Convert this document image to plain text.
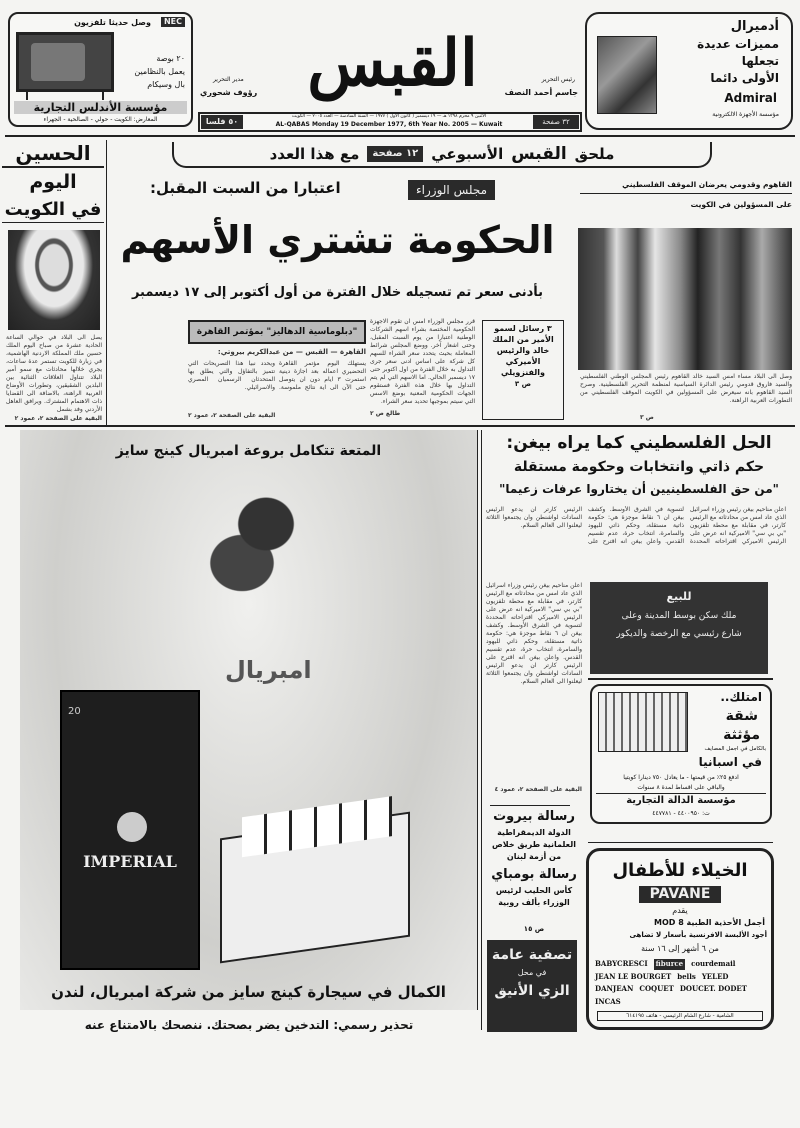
وصل حديثا تلفزيون	NEC
٢٠ بوصة
يعمل بالنظامين
بال وسيكام
مؤسسة الأندلس التجارية
المعارض: الكويت - حولي - الصالحية - الجهراء
القبس	رئيس التحرير
جاسم أحمد النصف
مدير التحرير
رؤوف شحوري
٣٢ صفحة
الاثنين ٩ محرم ١٣٩٨ هـ — ١٩ ديسمبر ( كانون الاول ) ١٩٧٧ — السنة السادسة — العدد ٢٠٠٥ — الكويت
AL-QABAS Monday 19 December 1977, 6th Year No. 2005 — Kuwait
٥٠ فلسا
أدميرال
مميزات عديدة
تجعلها
الأولى دائما
Admiral
مؤسسة الأجهزة الالكترونية
ملحق
القبس
الأسبوعي
١٢ صفحة
مع هذا العدد
الحسين
اليوم
في الكويت
يصل الى البلاد في حوالي الساعة الحادية عشرة من صباح اليوم الملك حسين ملك المملكة الاردنية الهاشمية، في زيارة للكويت تستمر عدة ساعات، يجري خلالها محادثات مع سمو أمير البلاد تتناول العلاقات الثنائية بين البلدين الشقيقين، وتطورات الأوضاع العربية الراهنة، بالاضافة الى القضايا ذات الاهتمام المشترك. ويرافق العاهل الأردني وفد بشمل
البقية على الصفحة ٢، عمود ٢
مجلس الوزراء
اعتبارا من السبت المقبل:
الحكومة تشتري الأسهم
بأدنى سعر تم تسجيله خلال الفترة من أول أكتوبر إلى ١٧ ديسمبر
قرر مجلس الوزراء امس ان تقوم الاجهزة الحكومية المختصة بشراء اسهم الشركات الوطنية اعتبارا من يوم السبت المقبل، وحتى اشعار آخر. ووضع المجلس شرائط المعاملة بحيث يتحدد سعر الشراء للسهم كل شركة على اساس ادنى سعر جرى التداول به خلال الفترة من اول اكتوبر حتى ١٧ ديسمبر الحالي. اما الاسهم التي لم يتم التداول بها خلال هذه الفترة فستقوم الجهات الحكومية المعنية بوضع الاسس التي سيتم بموجبها تحديد سعر الشراء.
طالع ص ٢
"دبلوماسية الدهاليز" بمؤتمر القاهرة
القاهرة — القبس — من عبدالكريم بيروتي:
يستهلك اليوم مؤتمر القاهرة التحضيري اعماله بعد اجازة دينية استمرت ٣ ايام دون ان يتوصل حتى الآن الى اية نتائج ملموسة. ويحدد نبيا هذا التصريحات التي تتميز بالتفاؤل والتي يطلق بها المتحدثان الرسميان المصري والاسرائيلي.
البقية على الصفحة ٢، عمود ٢
٣ رسائل لسمو الأمير من الملك خالد والرئيس الأميركي والفنزويلي
ص ٣
القاهوم وقدومي يعرضان الموقف الفلسطيني
على المسؤولين في الكويت
وصل الى البلاد مساء امس السيد خالد القاهوم رئيس المجلس الوطني الفلسطيني والسيد فاروق قدومي رئيس الدائرة السياسية لمنظمة التحرير الفلسطينية. وصرح السيد القاهوم بانه سيعرض على المسؤولين في الكويت الموقف الفلسطيني من التطورات العربية الراهنة.
ص ٣
المتعة تتكامل بروعة امبريال كينج سايز
امبريال
20
IMPERIAL
الكمال في سيجارة كينج سايز من شركة امبريال، لندن
تحذير رسمي: التدخين يضر بصحتك. ننصحك بالامتناع عنه
الحل الفلسطيني كما يراه بيغن:
حكم ذاتي وانتخابات وحكومة مستقلة
"من حق الفلسطينيين أن يختاروا عرفات زعيما"
اعلن مناحيم بيغن رئيس وزراء اسرائيل الذي عاد امس من محادثاته مع الرئيس كارتر، في مقابلة مع محطة تلفزيون "بي بي سي" الاميركية انه عرض على الرئيس الاميركي اقتراحاته المحددة لتسوية في الشرق الأوسط. وكشف بيغن ان ٦ نقاط موجزة هي: حكومة ذاتية مستقلة، وحكم ذاتي لليهود والسامرة، انتخاب حرة، عدم تقسيم القدس. واعلن بيغن انه اقترح على الرئيس كارتر ان يدعو الرئيس السادات لواشنطن وان يجتمعوا الثلاثة ليعلنوا الى العالم السلام.
اعلن مناحيم بيغن رئيس وزراء اسرائيل الذي عاد امس من محادثاته مع الرئيس كارتر، في مقابلة مع محطة تلفزيون "بي بي سي" الاميركية انه عرض على الرئيس الاميركي اقتراحاته المحددة لتسوية في الشرق الأوسط. وكشف بيغن ان ٦ نقاط موجزة هي: حكومة ذاتية مستقلة، وحكم ذاتي لليهود والسامرة، انتخاب حرة، عدم تقسيم القدس. واعلن بيغن انه اقترح على الرئيس كارتر ان يدعو الرئيس السادات لواشنطن وان يجتمعوا الثلاثة ليعلنوا الى العالم السلام.
البقية على الصفحة ٢، عمود ٤
رسالة بيروت
الدولة الديمقراطية العلمانية طريق خلاص من أزمة لبنان
رسالة بومباي
كأس الحليب لرئيس الوزراء بألف روبية
ص ١٥
تصفية عامة
في محل
الزي الأنيق
للبيع
ملك سكن بوسط المدينة وعلى
شارع رئيسي مع الرخصة والديكور
امتلك..
شقة
مؤثثة
بالكامل في اجمل المصايف
في اسبانيا
ادفع ٢٥٪ من قيمتها - ما يعادل ٧٥٠ دينارا كويتيا
والباقي على اقساط لمدة ٨ سنوات
مؤسسة الدالة التجارية
ت: ٤٤٠٠٩٥٠ - ٤٤٧٧٨١
الخيلاء للأطفال
PAVANE
يقدم
أجمل الأحذية الطبية MOD 8
أجود الألبسة الافرنسية بأسعار لا تضاهى
من ٦ أشهر إلى ١٦ سنة
BABYCRESCI fiburce courdemail
JEAN LE BOURGET bells YELED
DANJEAN COQUET DOUCET. DODET
INCAS
الشامية - شارع الشام الرئيسي - هاتف ٦١٤١٩٥
